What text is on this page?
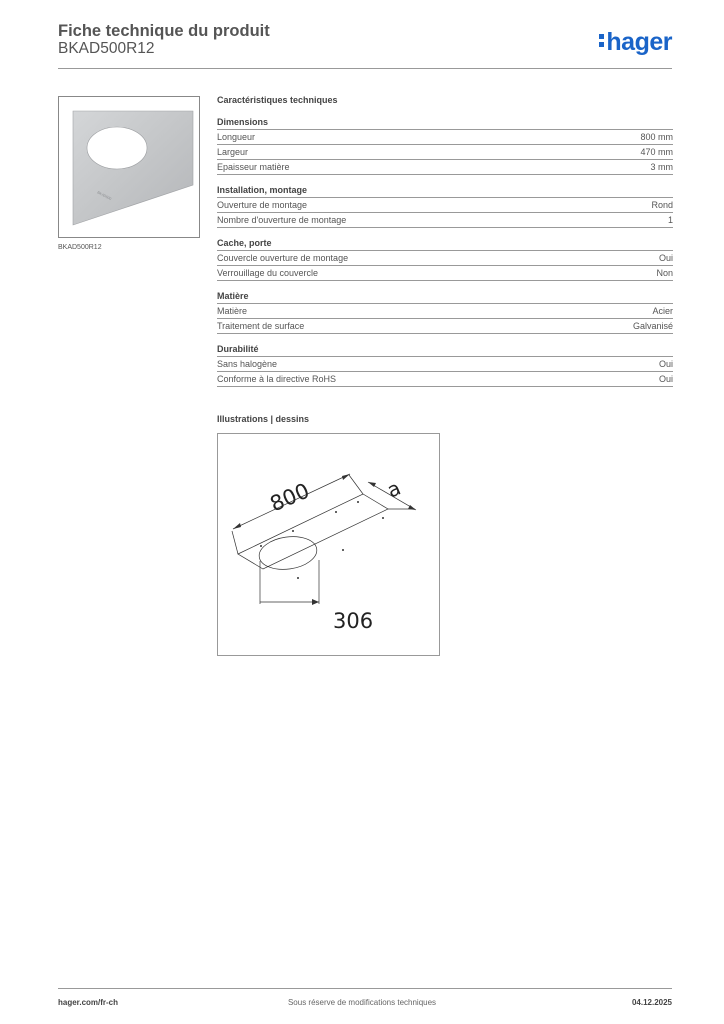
Fiche technique du produit
BKAD500R12	hager
BKAD500
BKAD500R12
Caractéristiques techniques
Dimensions
Longueur	800 mm
Largeur	470 mm
Epaisseur matière	3 mm
Installation, montage
Ouverture de montage	Rond
Nombre d'ouverture de montage	1
Cache, porte
Couvercle ouverture de montage	Oui
Verrouillage du couvercle	Non
Matière
Matière	Acier
Traitement de surface	Galvanisé
Durabilité
Sans halogène	Oui
Conforme à la directive RoHS	Oui
Illustrations | dessins
800	a
306
hager.com/fr-ch	Sous réserve de modifications techniques	04.12.2025
